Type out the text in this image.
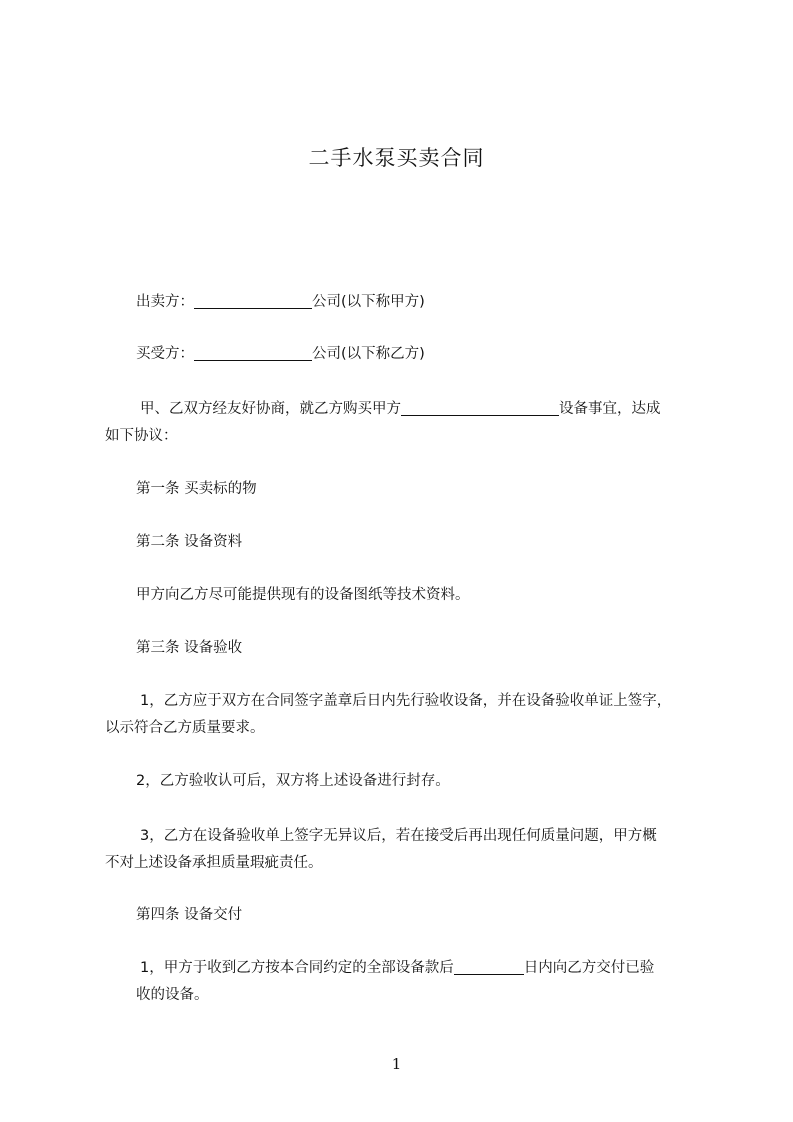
二手水泵买卖合同

出卖方：	公司(以下称甲方)

买受方：	公司(以下称乙方)

甲、乙双方经友好协商，就乙方购买甲方	设备事宜，达成

如下协议：

第一条 买卖标的物

第二条 设备资料

甲方向乙方尽可能提供现有的设备图纸等技术资料。

第三条 设备验收

1，乙方应于双方在合同签字盖章后日内先行验收设备，并在设备验收单证上签字，

以示符合乙方质量要求。

2，乙方验收认可后，双方将上述设备进行封存。

3，乙方在设备验收单上签字无异议后，若在接受后再出现任何质量问题，甲方概

不对上述设备承担质量瑕疵责任。

第四条 设备交付

1，甲方于收到乙方按本合同约定的全部设备款后	日内向乙方交付已验

收的设备。

1
